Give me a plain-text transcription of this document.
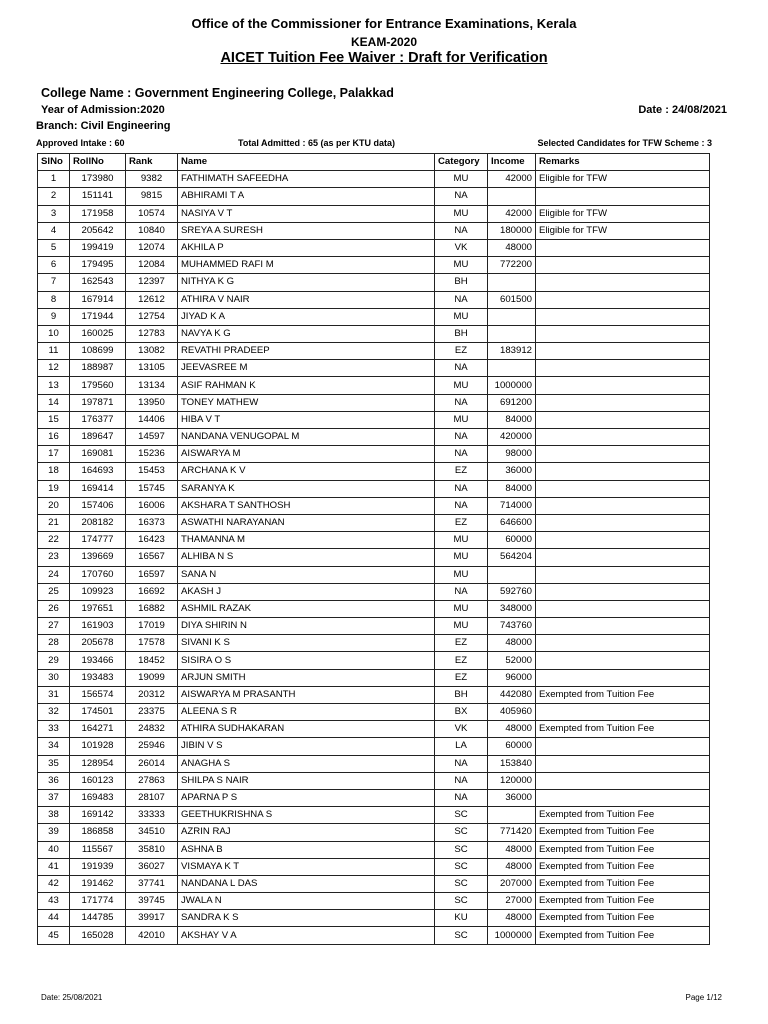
Office of the Commissioner for Entrance Examinations, Kerala
KEAM-2020
AICET Tuition Fee Waiver : Draft for Verification
College Name : Government Engineering College, Palakkad
Year of Admission:2020	Date : 24/08/2021
Branch: Civil Engineering
Approved Intake : 60	Total Admitted : 65 (as per KTU data)	Selected Candidates for TFW Scheme : 3
SlNo	RollNo	Rank	Name	Category	Income	Remarks
1	173980	9382	FATHIMATH SAFEEDHA	MU	42000	Eligible for TFW
2	151141	9815	ABHIRAMI T A	NA		
3	171958	10574	NASIYA V T	MU	42000	Eligible for TFW
4	205642	10840	SREYA A SURESH	NA	180000	Eligible for TFW
5	199419	12074	AKHILA P	VK	48000	
6	179495	12084	MUHAMMED RAFI M	MU	772200	
7	162543	12397	NITHYA K G	BH		
8	167914	12612	ATHIRA V NAIR	NA	601500	
9	171944	12754	JIYAD K A	MU		
10	160025	12783	NAVYA K G	BH		
11	108699	13082	REVATHI PRADEEP	EZ	183912	
12	188987	13105	JEEVASREE M	NA		
13	179560	13134	ASIF RAHMAN K	MU	1000000	
14	197871	13950	TONEY MATHEW	NA	691200	
15	176377	14406	HIBA V T	MU	84000	
16	189647	14597	NANDANA VENUGOPAL M	NA	420000	
17	169081	15236	AISWARYA M	NA	98000	
18	164693	15453	ARCHANA K V	EZ	36000	
19	169414	15745	SARANYA K	NA	84000	
20	157406	16006	AKSHARA T SANTHOSH	NA	714000	
21	208182	16373	ASWATHI NARAYANAN	EZ	646600	
22	174777	16423	THAMANNA M	MU	60000	
23	139669	16567	ALHIBA N S	MU	564204	
24	170760	16597	SANA N	MU		
25	109923	16692	AKASH J	NA	592760	
26	197651	16882	ASHMIL RAZAK	MU	348000	
27	161903	17019	DIYA SHIRIN N	MU	743760	
28	205678	17578	SIVANI K S	EZ	48000	
29	193466	18452	SISIRA O S	EZ	52000	
30	193483	19099	ARJUN SMITH	EZ	96000	
31	156574	20312	AISWARYA M PRASANTH	BH	442080	Exempted from Tuition Fee
32	174501	23375	ALEENA S R	BX	405960	
33	164271	24832	ATHIRA SUDHAKARAN	VK	48000	Exempted from Tuition Fee
34	101928	25946	JIBIN V S	LA	60000	
35	128954	26014	ANAGHA S	NA	153840	
36	160123	27863	SHILPA S NAIR	NA	120000	
37	169483	28107	APARNA P S	NA	36000	
38	169142	33333	GEETHUKRISHNA S	SC		Exempted from Tuition Fee
39	186858	34510	AZRIN RAJ	SC	771420	Exempted from Tuition Fee
40	115567	35810	ASHNA B	SC	48000	Exempted from Tuition Fee
41	191939	36027	VISMAYA K T	SC	48000	Exempted from Tuition Fee
42	191462	37741	NANDANA L DAS	SC	207000	Exempted from Tuition Fee
43	171774	39745	JWALA N	SC	27000	Exempted from Tuition Fee
44	144785	39917	SANDRA K S	KU	48000	Exempted from Tuition Fee
45	165028	42010	AKSHAY V A	SC	1000000	Exempted from Tuition Fee
Date: 25/08/2021	Page 1/12
